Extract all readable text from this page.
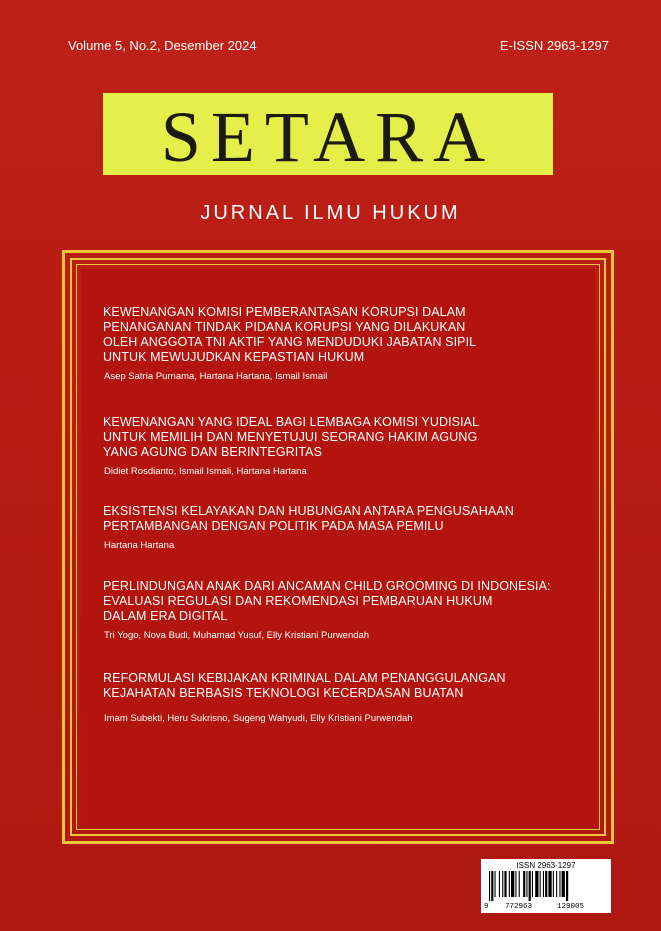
Volume 5, No.2, Desember 2024	E-ISSN 2963-1297
SETARA
JURNAL ILMU HUKUM
KEWENANGAN KOMISI PEMBERANTASAN KORUPSI DALAM
PENANGANAN TINDAK PIDANA KORUPSI YANG DILAKUKAN
OLEH ANGGOTA TNI AKTIF YANG MENDUDUKI JABATAN SIPIL
UNTUK MEWUJUDKAN KEPASTIAN HUKUM
Asep Satria Purnama, Hartana Hartana, Ismail Ismail
KEWENANGAN YANG IDEAL BAGI LEMBAGA KOMISI YUDISIAL
UNTUK MEMILIH DAN MENYETUJUI SEORANG HAKIM AGUNG
YANG AGUNG DAN BERINTEGRITAS
Didiet Rosdianto, Ismail Ismali, Hartana Hartana
EKSISTENSI KELAYAKAN DAN HUBUNGAN ANTARA PENGUSAHAAN
PERTAMBANGAN DENGAN POLITIK PADA MASA PEMILU
Hartana Hartana
PERLINDUNGAN ANAK DARI ANCAMAN CHILD GROOMING DI INDONESIA:
EVALUASI REGULASI DAN REKOMENDASI PEMBARUAN HUKUM
DALAM ERA DIGITAL
Tri Yogo, Nova Budi, Muhamad Yusuf, Elly Kristiani Purwendah
REFORMULASI KEBIJAKAN KRIMINAL DALAM PENANGGULANGAN
KEJAHATAN BERBASIS TEKNOLOGI KECERDASAN BUATAN
Imam Subekti, Heru Sukrisno, Sugeng Wahyudi, Elly Kristiani Purwendah
ISSN 2963-1297
9 772963	129005
